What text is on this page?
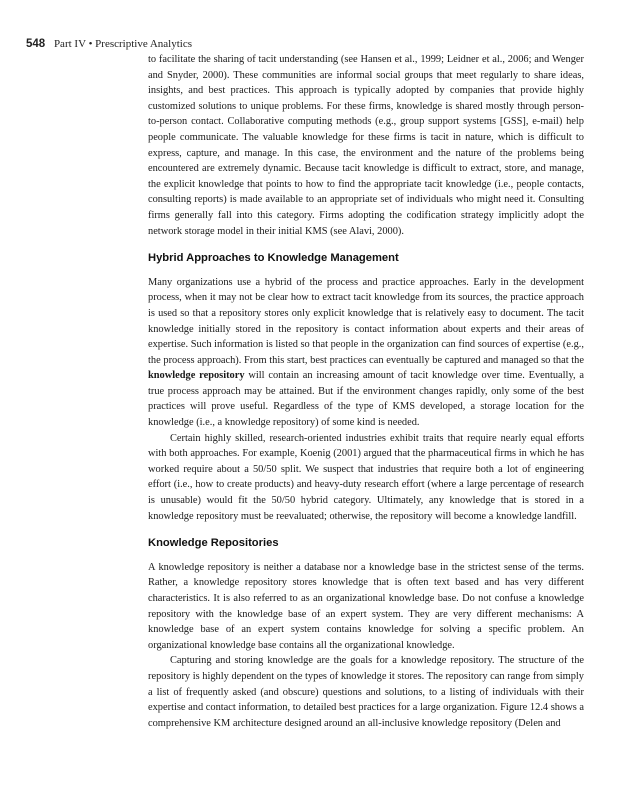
548 Part IV • Prescriptive Analytics

to facilitate the sharing of tacit understanding (see Hansen et al., 1999; Leidner et al., 2006; and Wenger and Snyder, 2000). These communities are informal social groups that meet regularly to share ideas, insights, and best practices. This approach is typically adopted by companies that provide highly customized solutions to unique problems. For these firms, knowledge is shared mostly through person-to-person contact. Collaborative computing methods (e.g., group support systems [GSS], e-mail) help people communicate. The valuable knowledge for these firms is tacit in nature, which is difficult to express, capture, and manage. In this case, the environment and the nature of the problems being encountered are extremely dynamic. Because tacit knowledge is difficult to extract, store, and manage, the explicit knowledge that points to how to find the appropriate tacit knowledge (i.e., people contacts, consulting reports) is made available to an appropriate set of individuals who might need it. Consulting firms generally fall into this category. Firms adopting the codification strategy implicitly adopt the network storage model in their initial KMS (see Alavi, 2000).

Hybrid Approaches to Knowledge Management

Many organizations use a hybrid of the process and practice approaches. Early in the development process, when it may not be clear how to extract tacit knowledge from its sources, the practice approach is used so that a repository stores only explicit knowledge that is relatively easy to document. The tacit knowledge initially stored in the repository is contact information about experts and their areas of expertise. Such information is listed so that people in the organization can find sources of expertise (e.g., the process approach). From this start, best practices can eventually be captured and managed so that the knowledge repository will contain an increasing amount of tacit knowledge over time. Eventually, a true process approach may be attained. But if the environment changes rapidly, only some of the best practices will prove useful. Regardless of the type of KMS developed, a storage location for the knowledge (i.e., a knowledge repository) of some kind is needed.

Certain highly skilled, research-oriented industries exhibit traits that require nearly equal efforts with both approaches. For example, Koenig (2001) argued that the pharmaceutical firms in which he has worked require about a 50/50 split. We suspect that industries that require both a lot of engineering effort (i.e., how to create products) and heavy-duty research effort (where a large percentage of research is unusable) would fit the 50/50 hybrid category. Ultimately, any knowledge that is stored in a knowledge repository must be reevaluated; otherwise, the repository will become a knowledge landfill.

Knowledge Repositories

A knowledge repository is neither a database nor a knowledge base in the strictest sense of the terms. Rather, a knowledge repository stores knowledge that is often text based and has very different characteristics. It is also referred to as an organizational knowledge base. Do not confuse a knowledge repository with the knowledge base of an expert system. They are very different mechanisms: A knowledge base of an expert system contains knowledge for solving a specific problem. An organizational knowledge base contains all the organizational knowledge.

Capturing and storing knowledge are the goals for a knowledge repository. The structure of the repository is highly dependent on the types of knowledge it stores. The repository can range from simply a list of frequently asked (and obscure) questions and solutions, to a listing of individuals with their expertise and contact information, to detailed best practices for a large organization. Figure 12.4 shows a comprehensive KM architecture designed around an all-inclusive knowledge repository (Delen and
